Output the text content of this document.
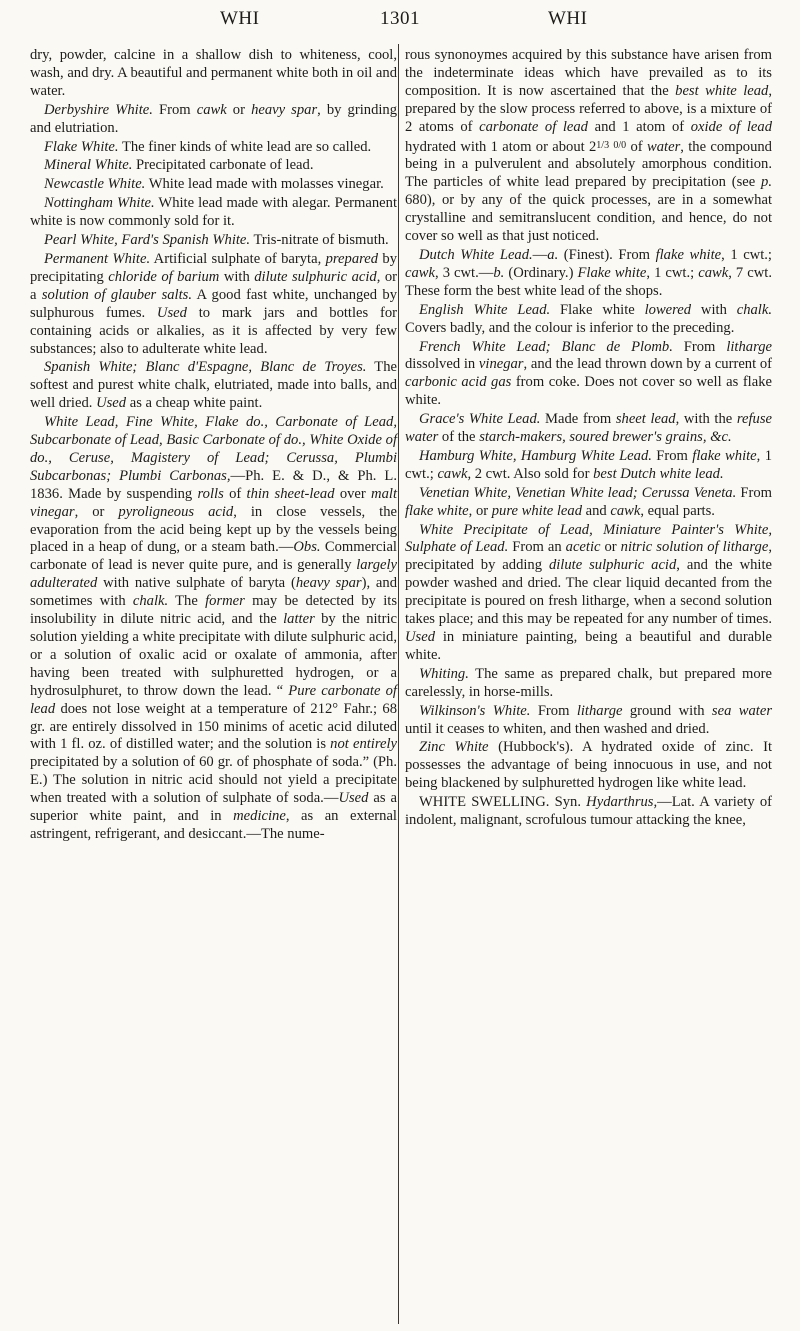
WHI	1301	WHI

dry, powder, calcine in a shallow dish to whiteness, cool, wash, and dry. A beautiful and permanent white both in oil and water.

Derbyshire White. From cawk or heavy spar, by grinding and elutriation.

Flake White. The finer kinds of white lead are so called.

Mineral White. Precipitated carbonate of lead.

Newcastle White. White lead made with molasses vinegar.

Nottingham White. White lead made with alegar. Permanent white is now commonly sold for it.

Pearl White, Fard's Spanish White. Tris-nitrate of bismuth.

Permanent White. Artificial sulphate of baryta, prepared by precipitating chloride of barium with dilute sulphuric acid, or a solution of glauber salts. A good fast white, unchanged by sulphurous fumes. Used to mark jars and bottles for containing acids or alkalies, as it is affected by very few substances; also to adulterate white lead.

Spanish White; Blanc d'Espagne, Blanc de Troyes. The softest and purest white chalk, elutriated, made into balls, and well dried. Used as a cheap white paint.

White Lead, Fine White, Flake do., Carbonate of Lead, Subcarbonate of Lead, Basic Carbonate of do., White Oxide of do., Ceruse, Magistery of Lead; Cerussa, Plumbi Subcarbonas; Plumbi Carbonas,—Ph. E. & D., & Ph. L. 1836. Made by suspending rolls of thin sheet-lead over malt vinegar, or pyroligneous acid, in close vessels, the evaporation from the acid being kept up by the vessels being placed in a heap of dung, or a steam bath.—Obs. Commercial carbonate of lead is never quite pure, and is generally largely adulterated with native sulphate of baryta (heavy spar), and sometimes with chalk. The former may be detected by its insolubility in dilute nitric acid, and the latter by the nitric solution yielding a white precipitate with dilute sulphuric acid, or a solution of oxalic acid or oxalate of ammonia, after having been treated with sulphuretted hydrogen, or a hydrosulphuret, to throw down the lead. “ Pure carbonate of lead does not lose weight at a temperature of 212° Fahr.; 68 gr. are entirely dissolved in 150 minims of acetic acid diluted with 1 fl. oz. of distilled water; and the solution is not entirely precipitated by a solution of 60 gr. of phosphate of soda.” (Ph. E.) The solution in nitric acid should not yield a precipitate when treated with a solution of sulphate of soda.—Used as a superior white paint, and in medicine, as an external astringent, refrigerant, and desiccant.—The nume-

rous synonoymes acquired by this substance have arisen from the indeterminate ideas which have prevailed as to its composition. It is now ascertained that the best white lead, prepared by the slow process referred to above, is a mixture of 2 atoms of carbonate of lead and 1 atom of oxide of lead hydrated with 1 atom or about $2^{1/3}$ $^{0/0}$ of water, the compound being in a pulverulent and absolutely amorphous condition. The particles of white lead prepared by precipitation (see p. 680), or by any of the quick processes, are in a somewhat crystalline and semitranslucent condition, and hence, do not cover so well as that just noticed.

Dutch White Lead.—a. (Finest). From flake white, 1 cwt.; cawk, 3 cwt.—b. (Ordinary.) Flake white, 1 cwt.; cawk, 7 cwt. These form the best white lead of the shops.

English White Lead. Flake white lowered with chalk. Covers badly, and the colour is inferior to the preceding.

French White Lead; Blanc de Plomb. From litharge dissolved in vinegar, and the lead thrown down by a current of carbonic acid gas from coke. Does not cover so well as flake white.

Grace's White Lead. Made from sheet lead, with the refuse water of the starch-makers, soured brewer's grains, &c.

Hamburg White, Hamburg White Lead. From flake white, 1 cwt.; cawk, 2 cwt. Also sold for best Dutch white lead.

Venetian White, Venetian White lead; Cerussa Veneta. From flake white, or pure white lead and cawk, equal parts.

White Precipitate of Lead, Miniature Painter's White, Sulphate of Lead. From an acetic or nitric solution of litharge, precipitated by adding dilute sulphuric acid, and the white powder washed and dried. The clear liquid decanted from the precipitate is poured on fresh litharge, when a second solution takes place; and this may be repeated for any number of times. Used in miniature painting, being a beautiful and durable white.

Whiting. The same as prepared chalk, but prepared more carelessly, in horse-mills.

Wilkinson's White. From litharge ground with sea water until it ceases to whiten, and then washed and dried.

Zinc White (Hubbock's). A hydrated oxide of zinc. It possesses the advantage of being innocuous in use, and not being blackened by sulphuretted hydrogen like white lead.

WHITE SWELLING. Syn. Hydarthrus,—Lat. A variety of indolent, malignant, scrofulous tumour attacking the knee,
